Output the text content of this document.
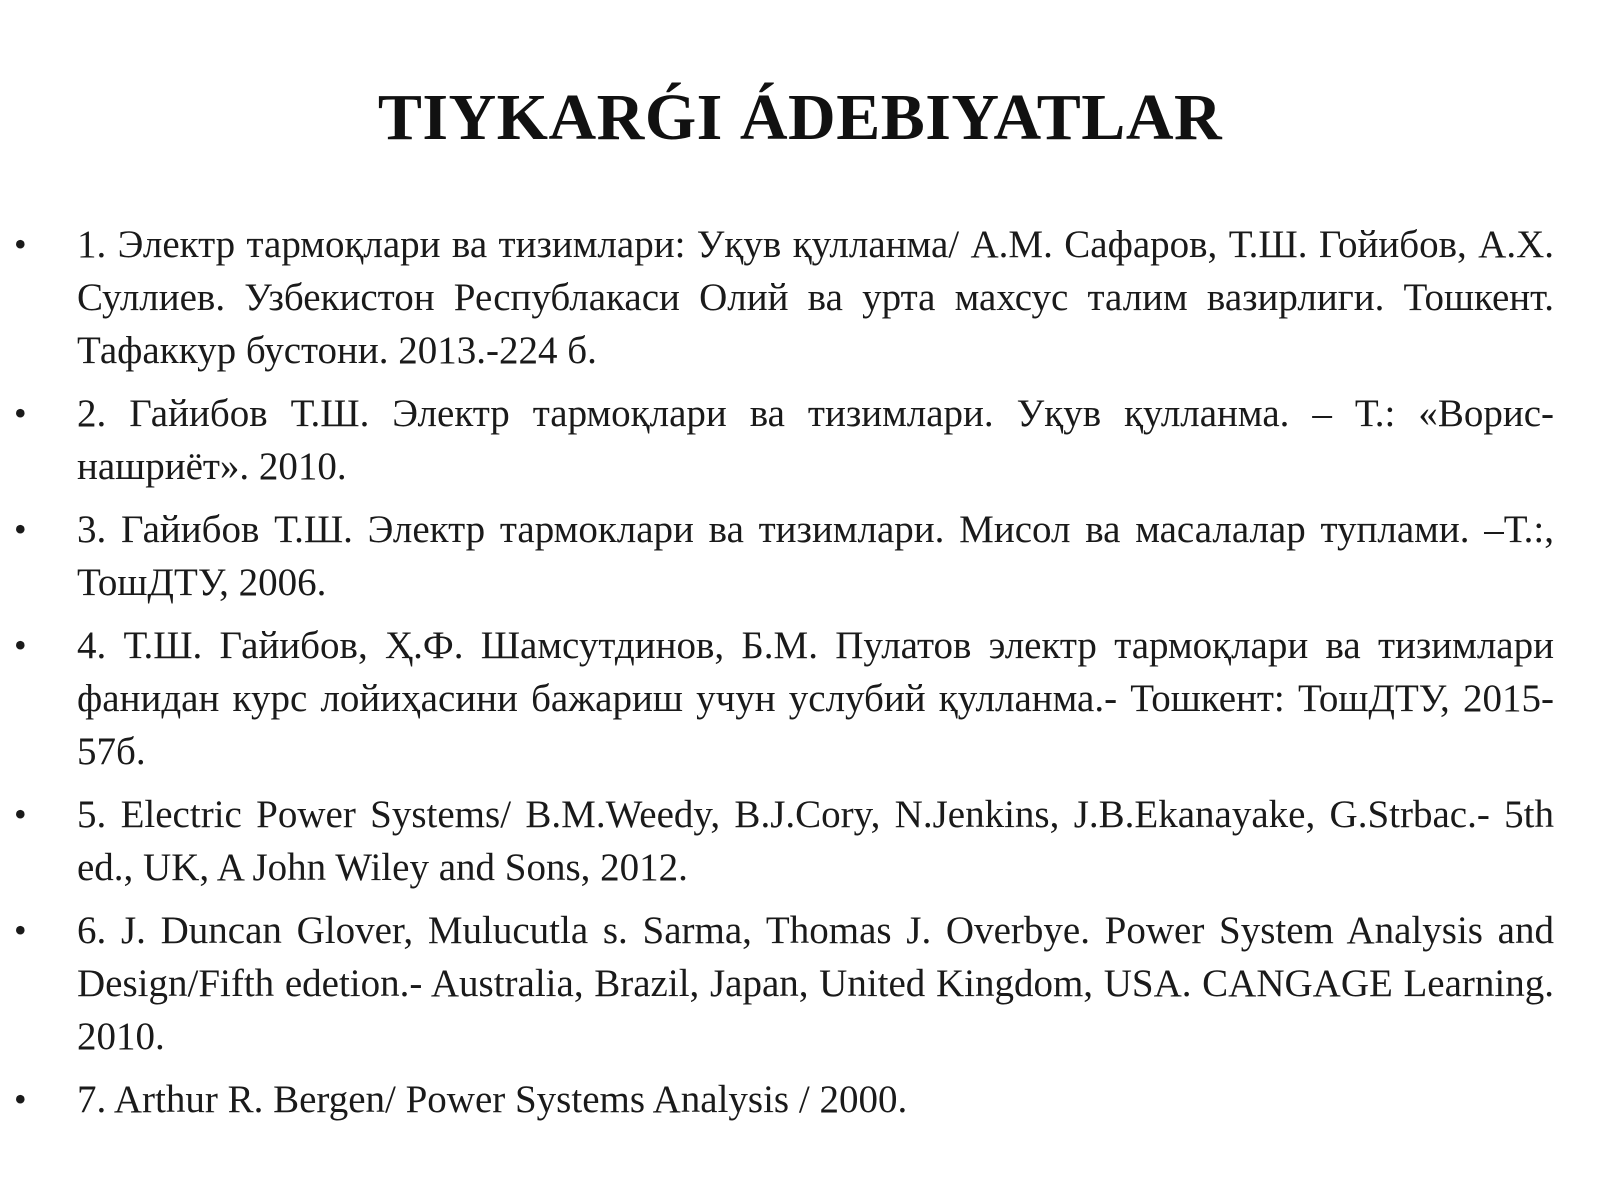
TIYKARǴI ÁDEBIYATLAR
• 1. Электр тармоқлари ва тизимлари: Уқув қулланма/ А.М. Сафаров, Т.Ш. Гойибов, А.Х. Суллиев. Узбекистон Республакаси Олий ва урта махсус талим вазирлиги. Тошкент. Тафаккур бустони. 2013.-224 б.
• 2. Гайибов Т.Ш. Электр тармоқлари ва тизимлари. Уқув қулланма. – Т.: «Ворис-нашриёт». 2010.
• 3. Гайибов Т.Ш. Электр тармоклари ва тизимлари. Мисол ва масалалар туплами. –Т.:, ТошДТУ, 2006.
• 4. Т.Ш. Гайибов, Ҳ.Ф. Шамсутдинов, Б.М. Пулатов электр тармоқлари ва тизимлари фанидан курс лойиҳасини бажариш учун услубий қулланма.- Тошкент: ТошДТУ, 2015-57б.
• 5. Electric Power Systems/ B.M.Weedy, B.J.Cory, N.Jenkins, J.B.Ekanayake, G.Strbac.- 5th ed., UK, A John Wiley and Sons, 2012.
• 6. J. Duncan Glover, Mulucutla s. Sarma, Thomas J. Overbye. Power System Analysis and Design/Fifth edetion.- Australia, Brazil, Japan, United Kingdom, USA. CANGAGE Learning. 2010.
• 7. Arthur R. Bergen/ Power Systems Analysis / 2000.
